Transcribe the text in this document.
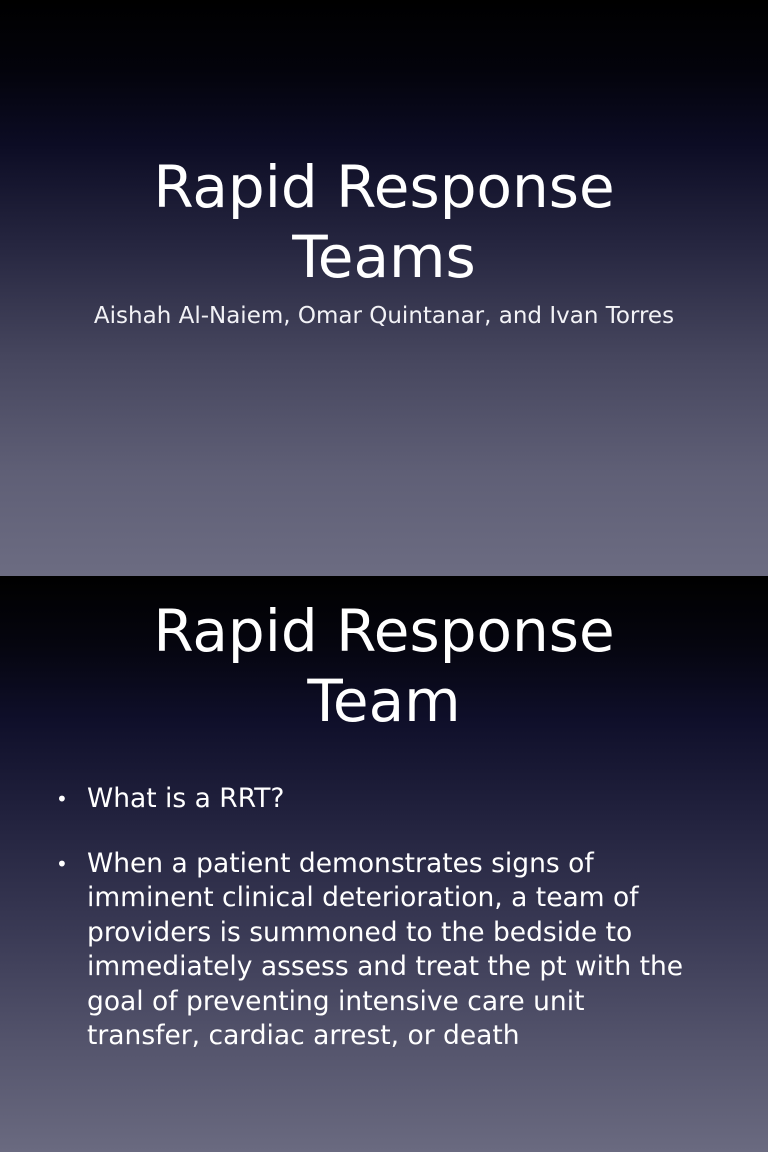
Rapid Response
Teams
Aishah Al-Naiem, Omar Quintanar, and Ivan Torres
Rapid Response
Team
• What is a RRT?
• When a patient demonstrates signs of imminent clinical deterioration, a team of providers is summoned to the bedside to immediately assess and treat the pt with the goal of preventing intensive care unit transfer, cardiac arrest, or death
